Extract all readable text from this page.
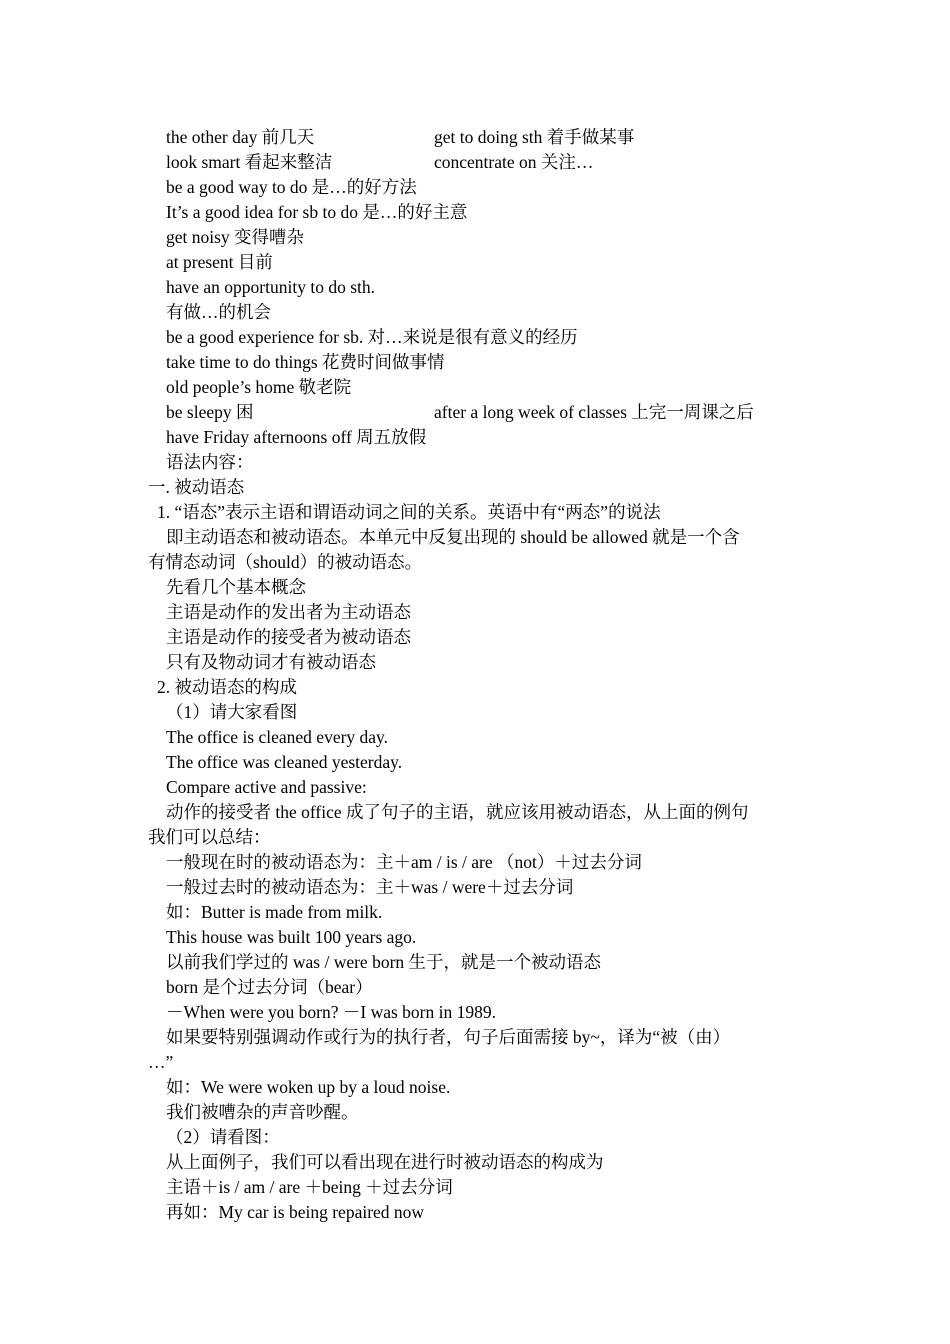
the other day 前几天	get to doing sth 着手做某事
look smart 看起来整洁	concentrate on 关注…
be a good way to do 是…的好方法
It’s a good idea for sb to do 是…的好主意
get noisy 变得嘈杂
at present 目前
have an opportunity to do sth.
有做…的机会
be a good experience for sb. 对…来说是很有意义的经历
take time to do things 花费时间做事情
old people’s home 敬老院
be sleepy 困	after a long week of classes 上完一周课之后
have Friday afternoons off 周五放假
语法内容：
一. 被动语态
1. “语态”表示主语和谓语动词之间的关系。英语中有“两态”的说法
即主动语态和被动语态。本单元中反复出现的 should be allowed 就是一个含
有情态动词（should）的被动语态。
先看几个基本概念
主语是动作的发出者为主动语态
主语是动作的接受者为被动语态
只有及物动词才有被动语态
2. 被动语态的构成
（1）请大家看图
The office is cleaned every day.
The office was cleaned yesterday.
Compare active and passive:
动作的接受者 the office 成了句子的主语，就应该用被动语态，从上面的例句
我们可以总结：
一般现在时的被动语态为：主＋am / is / are （not）＋过去分词
一般过去时的被动语态为：主＋was / were＋过去分词
如：Butter is made from milk.
This house was built 100 years ago.
以前我们学过的 was / were born 生于，就是一个被动语态
born 是个过去分词（bear）
－When were you born? －I was born in 1989.
如果要特别强调动作或行为的执行者，句子后面需接 by~，译为“被（由）
…”
如：We were woken up by a loud noise.
我们被嘈杂的声音吵醒。
（2）请看图：
从上面例子，我们可以看出现在进行时被动语态的构成为
主语＋is / am / are ＋being ＋过去分词
再如：My car is being repaired now
